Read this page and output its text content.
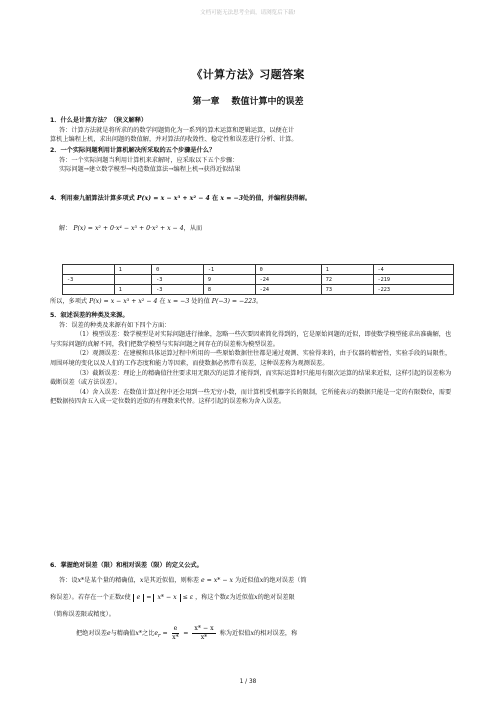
文档可能无法思考全面，请浏览后下载!
《计算方法》习题答案
第一章 数值计算中的误差
1．什么是计算方法？（狭义解释）
答：计算方法就是将所求的的数学问题简化为一系列的算术运算和逻辑运算，以便在计
算机上编程上机，求出问题的数值解，并对算法的收敛性、稳定性和误差进行分析、计算。
2．一个实际问题利用计算机解决所采取的五个步骤是什么？
答：一个实际问题当利用计算机来求解时，应采取以下五个步骤：
实际问题→建立数学模型→构造数值算法→编程上机→获得近似结果
4．利用秦九韶算法计算多项式 P(x) = x − x³ + x² − 4 在 x = −3处的值，并编程获得解。
解： P(x) = x² + 0·x⁴ − x³ + 0·x² + x − 4，从而
	1	0	-1	0	1	-4
-3		-3	9	-24	72	-219
	1	-3	8	-24	73	-223
所以，多项式 P(x) = x − x³ + x² − 4 在 x = −3 处的值 P(−3) = −223。
5．叙述误差的种类及来源。
答：误差的种类及来源有如下四个方面：
（1）模型误差：数学模型是对实际问题进行抽象，忽略一些次要因素简化得到的，它是原始问题的近似，即使数学模型能求出准确解，也与实际问题的真解不同，我们把数学模型与实际问题之间存在的误差称为模型误差。
（2）观测误差：在建模和具体运算过程中所用的一些原始数据往往都是通过观测、实验得来的，由于仪器的精密性，实验手段的局限性，周围环境的变化以及人们的工作态度和能力等因素，而使数据必然带有误差，这种误差称为观测误差。
（3）截断误差：理论上的精确值往往要求用无限次的运算才能得到，而实际运算时只能用有限次运算的结果来近似，这样引起的误差称为截断误差（或方法误差）。
（4）舍入误差：在数值计算过程中还会用到一些无穷小数，而计算机受机器字长的限制，它所能表示的数据只能是一定的有限数位，需要把数据按四舍五入成一定位数的近似的有理数来代替。这样引起的误差称为舍入误差。
6．掌握绝对误差（限）和相对误差（限）的定义公式。
答：设x*是某个量的精确值，x是其近似值，则称差 e = x* − x 为近似值x的绝对误差（简
称误差）。若存在一个正数ε使 e = x* − x ≤ ε ，称这个数ε为近似值x的绝对误差限
（简称误差限或精度）。
把绝对误差e与精确值x*之比$e_r = \frac{e}{x*} = \frac{x* - x}{x*}$ 称为近似值x的相对误差，称
1 / 38
